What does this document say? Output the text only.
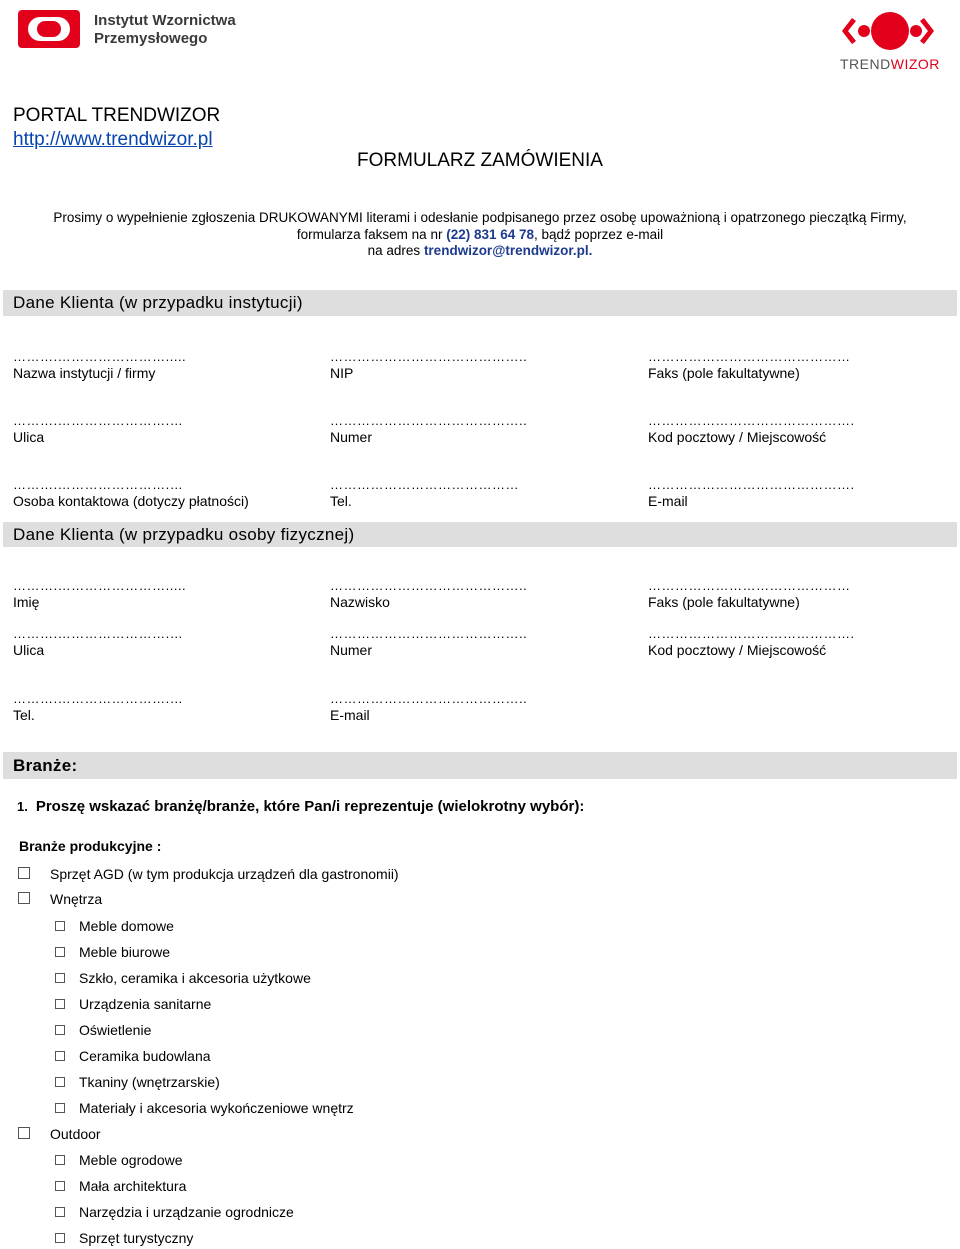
Instytut Wzornictwa
Przemysłowego
TRENDWIZOR
PORTAL TRENDWIZOR
http://www.trendwizor.pl
FORMULARZ ZAMÓWIENIA
Prosimy o wypełnienie zgłoszenia DRUKOWANYMI literami i odesłanie podpisanego przez osobę upoważnioną i opatrzonego pieczątką Firmy,
formularza faksem na nr (22) 831 64 78, bądź poprzez e-mail
na adres trendwizor@trendwizor.pl.
Dane Klienta (w przypadku instytucji)
……….…………………….....	……………………………………..	………………………………………
Nazwa instytucji / firmy	NIP	Faks (pole fakultatywne)
……….…………………….…	……………………………………..	……………………………………….
Ulica	Numer	Kod pocztowy / Miejscowość
……….…………………….…	……………………………………	……………………………………….
Osoba kontaktowa (dotyczy płatności)	Tel.	E-mail
Dane Klienta (w przypadku osoby fizycznej)
……….…………………….....	……………………………………..	………………………………………
Imię	Nazwisko	Faks (pole fakultatywne)
……….…………………….…	……………………………………..	……………………………………….
Ulica	Numer	Kod pocztowy / Miejscowość
……….…………………….…	……………………………………..
Tel.	E-mail
Branże:
1. Proszę wskazać branżę/branże, które Pan/i reprezentuje (wielokrotny wybór):
Branże produkcyjne :
Sprzęt AGD (w tym produkcja urządzeń dla gastronomii)
Wnętrza
Meble domowe
Meble biurowe
Szkło, ceramika i akcesoria użytkowe
Urządzenia sanitarne
Oświetlenie
Ceramika budowlana
Tkaniny (wnętrzarskie)
Materiały i akcesoria wykończeniowe wnętrz
Outdoor
Meble ogrodowe
Mała architektura
Narzędzia i urządzanie ogrodnicze
Sprzęt turystyczny
